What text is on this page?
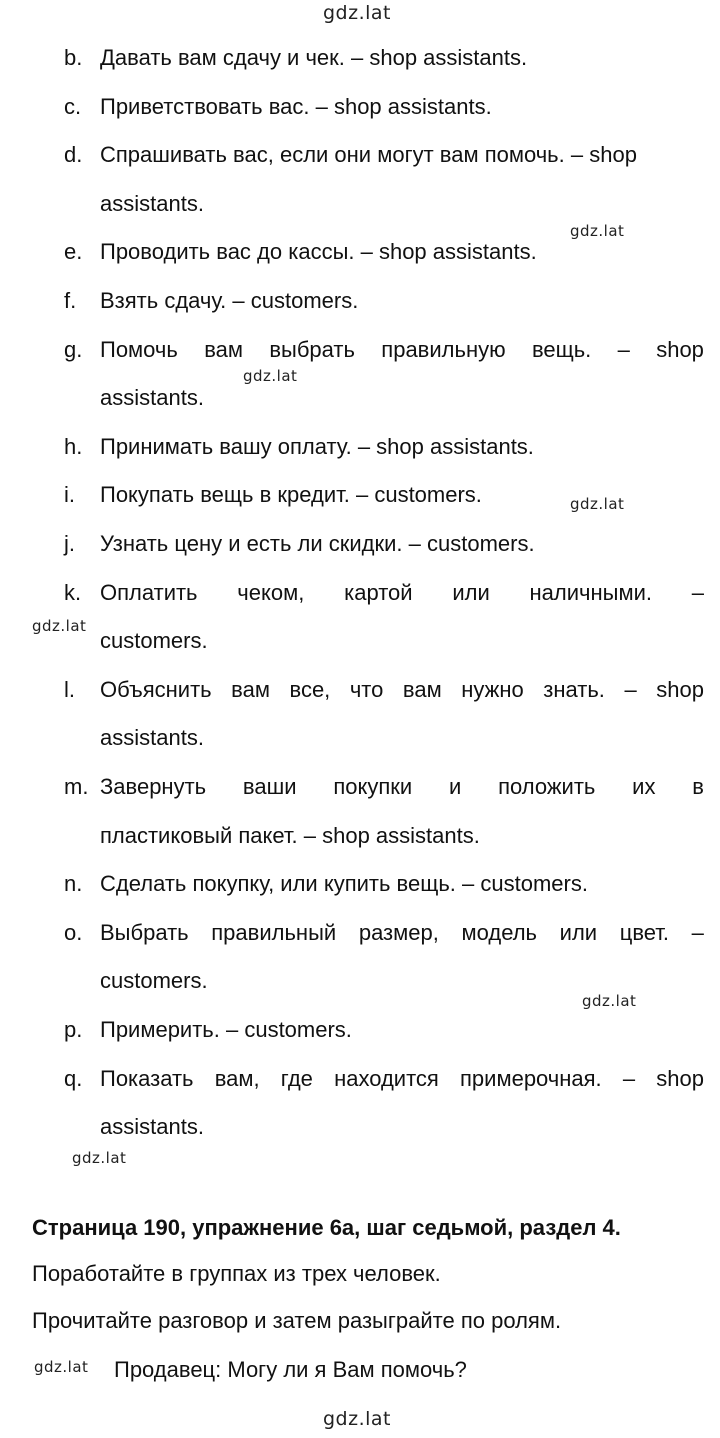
gdz.lat
gdz.lat
gdz.lat
gdz.lat
gdz.lat
gdz.lat
gdz.lat
gdz.lat
gdz.lat
b. Давать вам сдачу и чек. – shop assistants.
c. Приветствовать вас. – shop assistants.
d. Спрашивать вас, если они могут вам помочь. – shop
assistants.
e. Проводить вас до кассы. – shop assistants.
f. Взять сдачу. – customers.
g. Помочь вам выбрать правильную вещь. – shop
assistants.
h. Принимать вашу оплату. – shop assistants.
i. Покупать вещь в кредит. – customers.
j. Узнать цену и есть ли скидки. – customers.
k. Оплатить чеком, картой или наличными. –
customers.
l. Объяснить вам все, что вам нужно знать. – shop
assistants.
m. Завернуть ваши покупки и положить их в
пластиковый пакет. – shop assistants.
n. Сделать покупку, или купить вещь. – customers.
o. Выбрать правильный размер, модель или цвет. –
customers.
p. Примерить. – customers.
q. Показать вам, где находится примерочная. – shop
assistants.
Страница 190, упражнение 6а, шаг седьмой, раздел 4.
Поработайте в группах из трех человек.
Прочитайте разговор и затем разыграйте по ролям.
Продавец: Могу ли я Вам помочь?
